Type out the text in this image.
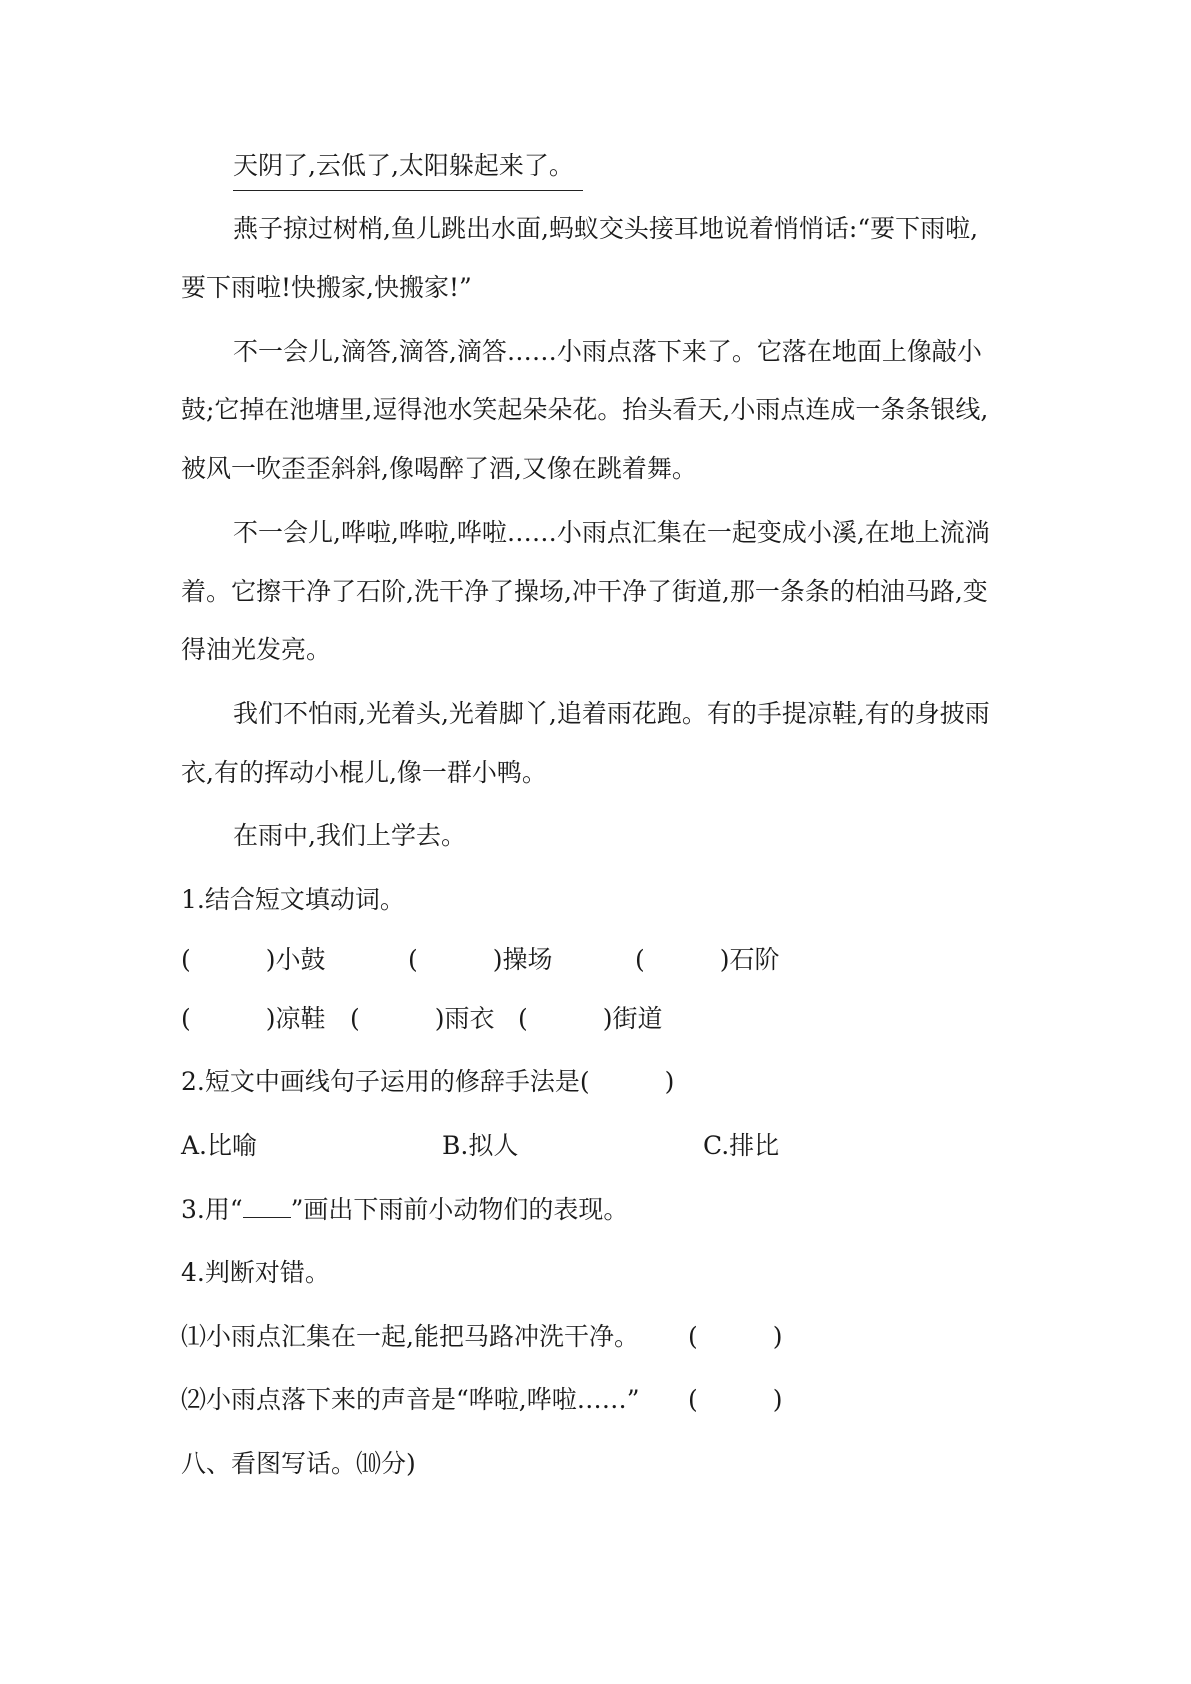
天阴了,云低了,太阳躲起来了。
燕子掠过树梢,鱼儿跳出水面,蚂蚁交头接耳地说着悄悄话:“要下雨啦,
要下雨啦!快搬家,快搬家!”
不一会儿,滴答,滴答,滴答……小雨点落下来了。它落在地面上像敲小
鼓;它掉在池塘里,逗得池水笑起朵朵花。抬头看天,小雨点连成一条条银线,
被风一吹歪歪斜斜,像喝醉了酒,又像在跳着舞。
不一会儿,哗啦,哗啦,哗啦……小雨点汇集在一起变成小溪,在地上流淌
着。它擦干净了石阶,洗干净了操场,冲干净了街道,那一条条的柏油马路,变
得油光发亮。
我们不怕雨,光着头,光着脚丫,追着雨花跑。有的手提凉鞋,有的身披雨
衣,有的挥动小棍儿,像一群小鸭。
在雨中,我们上学去。
1.结合短文填动词。
(　　　)小鼓	(　　　)操场	(　　　)石阶
(　　　)凉鞋 (　　　)雨衣 (　　　)街道
2.短文中画线句子运用的修辞手法是(　　　)
A.比喻	B.拟人	C.排比
3.用“ ”画出下雨前小动物们的表现。
4.判断对错。
⑴小雨点汇集在一起,能把马路冲洗干净。 (　　　)
⑵小雨点落下来的声音是“哗啦,哗啦……” (　　　)
八、看图写话。⑽分)
